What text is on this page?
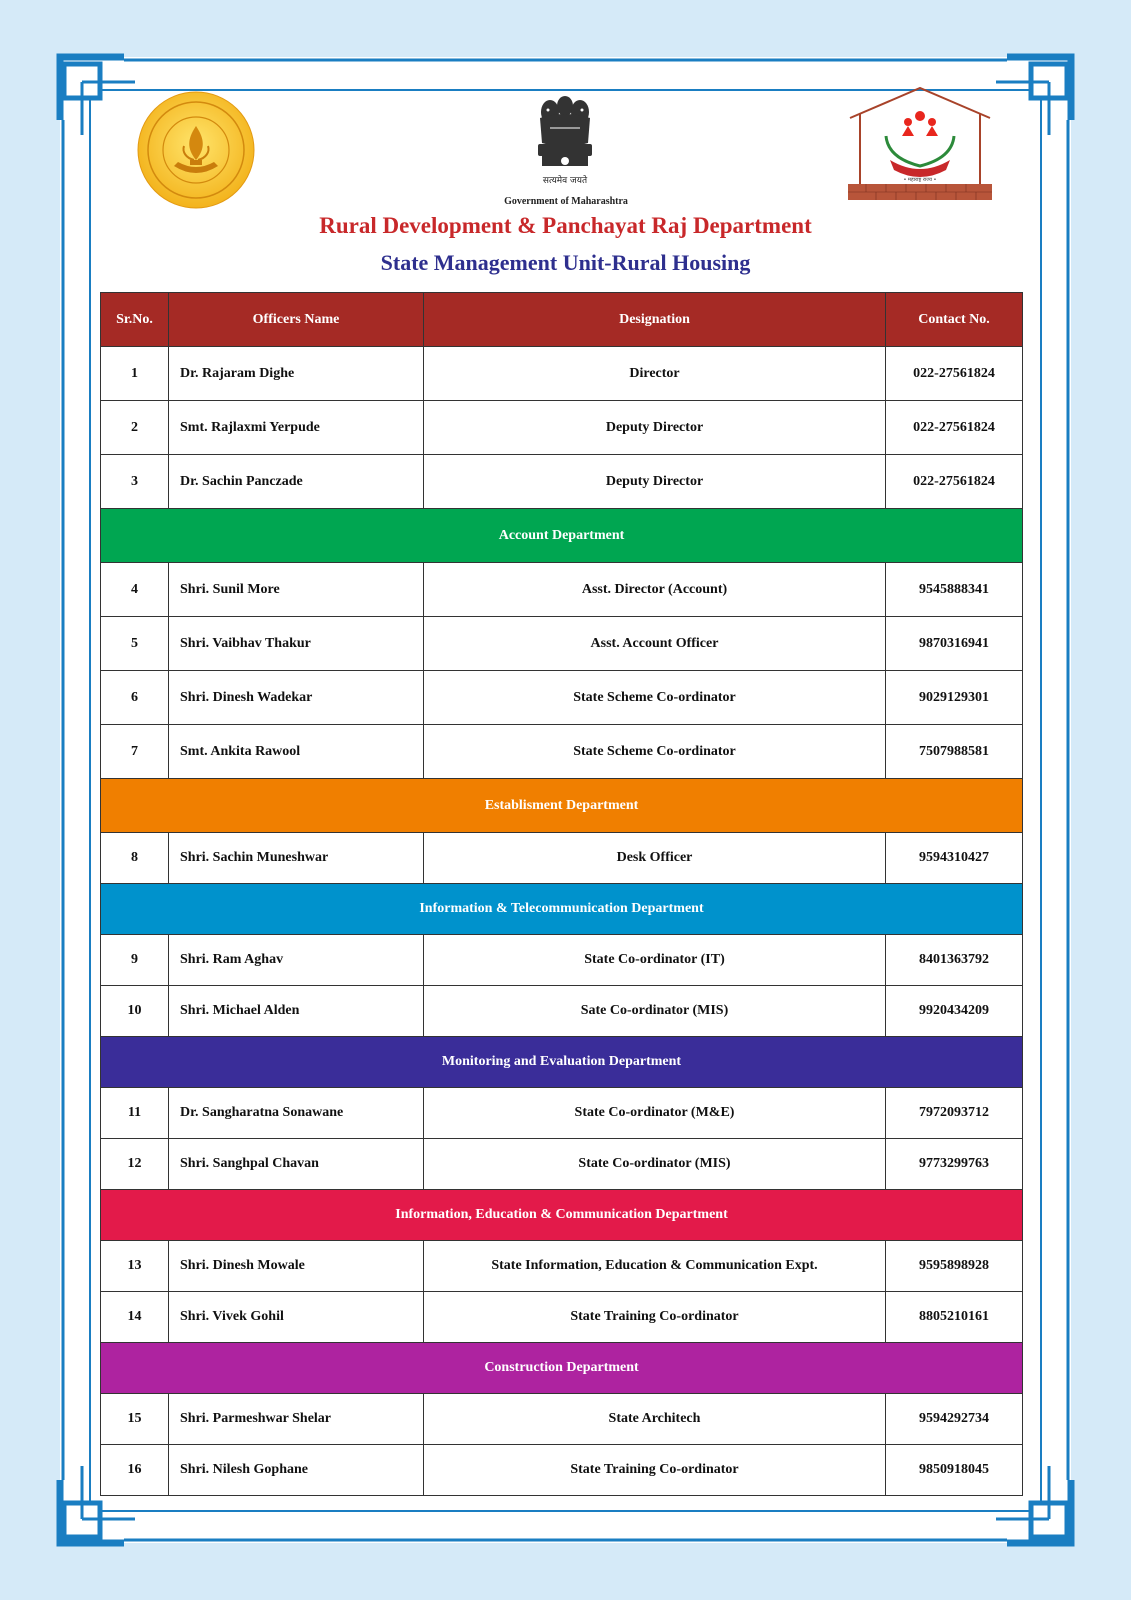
सत्यमेव जयते
Government of Maharashtra
• महाराष्ट्र राज्य •
Rural Development & Panchayat Raj Department
State Management Unit-Rural Housing
Sr.No.	Officers Name	Designation	Contact No.
1	Dr. Rajaram Dighe	Director	022-27561824
2	Smt. Rajlaxmi Yerpude	Deputy Director	022-27561824
3	Dr. Sachin Panczade	Deputy Director	022-27561824
Account Department			
4	Shri. Sunil More	Asst. Director (Account)	9545888341
5	Shri. Vaibhav Thakur	Asst. Account Officer	9870316941
6	Shri. Dinesh Wadekar	State Scheme Co-ordinator	9029129301
7	Smt. Ankita Rawool	State Scheme Co-ordinator	7507988581
Establisment Department			
8	Shri. Sachin Muneshwar	Desk Officer	9594310427
Information & Telecommunication Department			
9	Shri. Ram Aghav	State Co-ordinator (IT)	8401363792
10	Shri. Michael Alden	Sate Co-ordinator (MIS)	9920434209
Monitoring and Evaluation Department			
11	Dr. Sangharatna Sonawane	State Co-ordinator (M&E)	7972093712
12	Shri. Sanghpal Chavan	State Co-ordinator (MIS)	9773299763
Information, Education & Communication Department			
13	Shri. Dinesh Mowale	State Information, Education & Communication Expt.	9595898928
14	Shri. Vivek Gohil	State Training Co-ordinator	8805210161
Construction Department			
15	Shri. Parmeshwar Shelar	State Architech	9594292734
16	Shri. Nilesh Gophane	State Training Co-ordinator	9850918045
